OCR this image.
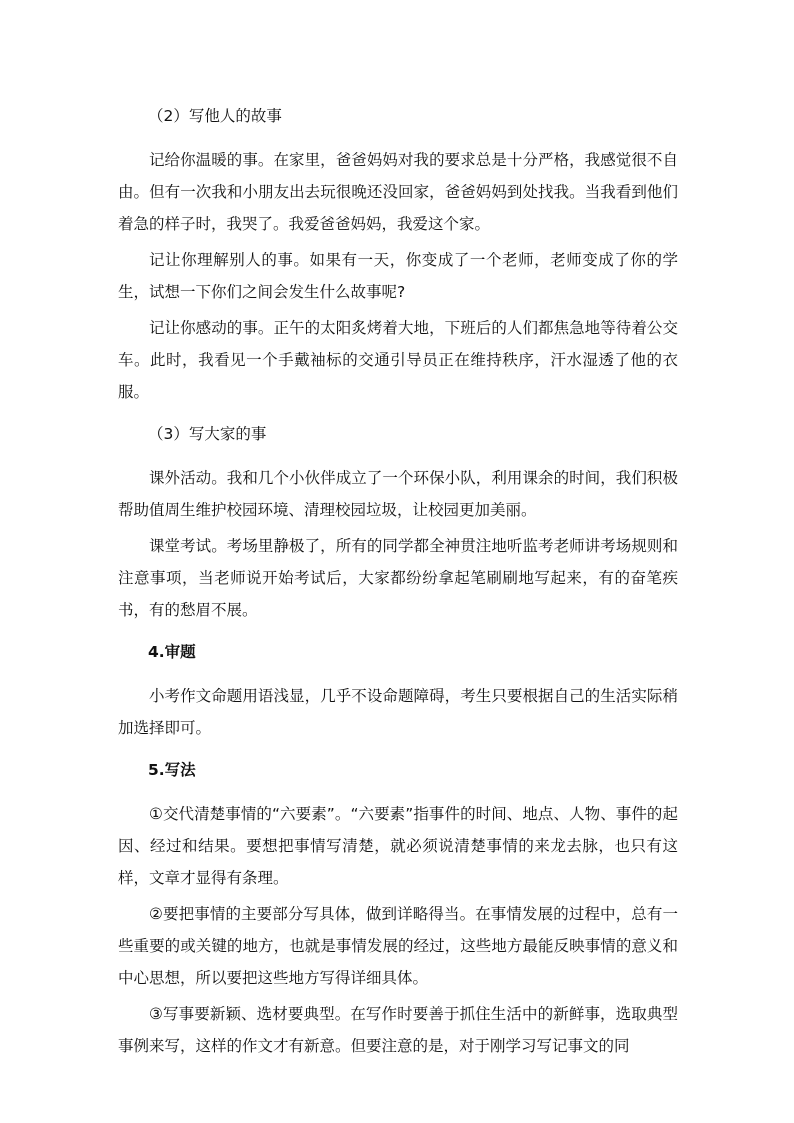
（2）写他人的故事

记给你温暖的事。在家里，爸爸妈妈对我的要求总是十分严格，我感觉很不自由。但有一次我和小朋友出去玩很晚还没回家，爸爸妈妈到处找我。当我看到他们着急的样子时，我哭了。我爱爸爸妈妈，我爱这个家。

记让你理解别人的事。如果有一天，你变成了一个老师，老师变成了你的学生，试想一下你们之间会发生什么故事呢?

记让你感动的事。正午的太阳炙烤着大地，下班后的人们都焦急地等待着公交车。此时，我看见一个手戴袖标的交通引导员正在维持秩序，汗水湿透了他的衣服。

（3）写大家的事

课外活动。我和几个小伙伴成立了一个环保小队，利用课余的时间，我们积极帮助值周生维护校园环境、清理校园垃圾，让校园更加美丽。

课堂考试。考场里静极了，所有的同学都全神贯注地听监考老师讲考场规则和注意事项，当老师说开始考试后，大家都纷纷拿起笔刷刷地写起来，有的奋笔疾书，有的愁眉不展。

4.审题

小考作文命题用语浅显，几乎不设命题障碍，考生只要根据自己的生活实际稍加选择即可。

5.写法

①交代清楚事情的“六要素”。“六要素”指事件的时间、地点、人物、事件的起因、经过和结果。要想把事情写清楚，就必须说清楚事情的来龙去脉，也只有这样，文章才显得有条理。

②要把事情的主要部分写具体，做到详略得当。在事情发展的过程中，总有一些重要的或关键的地方，也就是事情发展的经过，这些地方最能反映事情的意义和中心思想，所以要把这些地方写得详细具体。

③写事要新颖、选材要典型。在写作时要善于抓住生活中的新鲜事，选取典型事例来写，这样的作文才有新意。但要注意的是，对于刚学习写记事文的同
